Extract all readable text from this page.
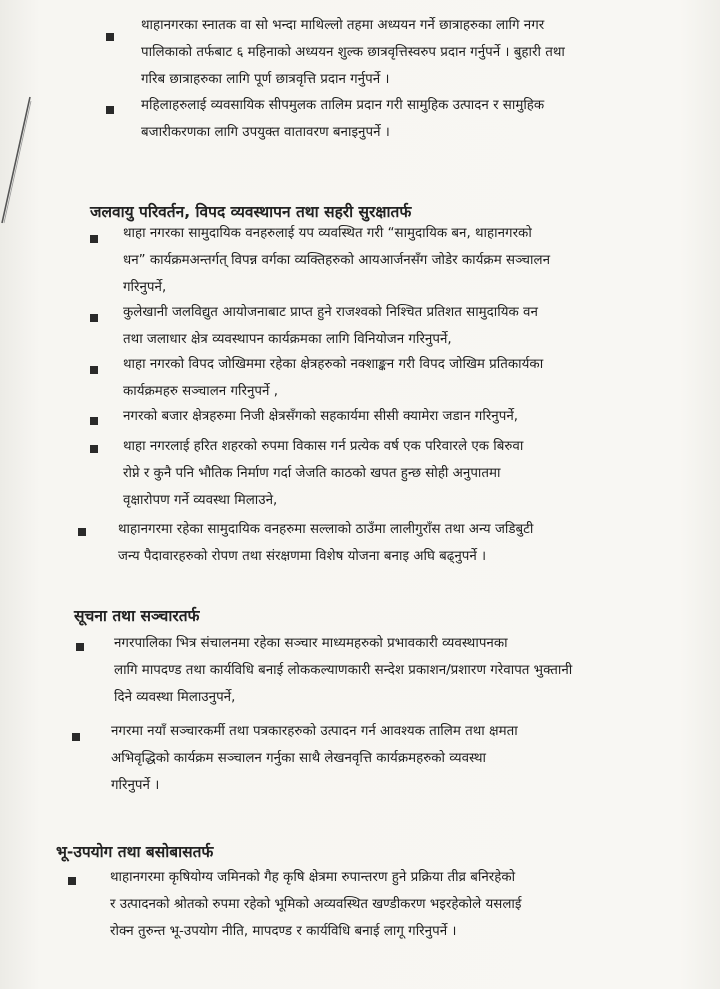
थाहानगरका स्नातक वा सो भन्दा माथिल्लो तहमा अध्ययन गर्ने छात्राहरुका लागि नगर

पालिकाको तर्फबाट ६ महिनाको अध्ययन शुल्क छात्रवृत्तिस्वरुप प्रदान गर्नुपर्ने । बुहारी तथा

गरिब छात्राहरुका लागि पूर्ण छात्रवृत्ति प्रदान गर्नुपर्ने ।

महिलाहरुलाई व्यवसायिक सीपमुलक तालिम प्रदान गरी सामुहिक उत्पादन र सामुहिक

बजारीकरणका लागि उपयुक्त वातावरण बनाइनुपर्ने ।

जलवायु परिवर्तन, विपद व्यवस्थापन तथा सहरी सुरक्षातर्फ

थाहा नगरका सामुदायिक वनहरुलाई यप व्यवस्थित गरी “सामुदायिक बन, थाहानगरको

धन” कार्यक्रमअन्तर्गत् विपन्न वर्गका व्यक्तिहरुको आयआर्जनसँग जोडेर कार्यक्रम सञ्चालन

गरिनुपर्ने,

कुलेखानी जलविद्युत आयोजनाबाट प्राप्त हुने राजश्वको निश्चित प्रतिशत सामुदायिक वन

तथा जलाधार क्षेत्र व्यवस्थापन कार्यक्रमका लागि विनियोजन गरिनुपर्ने,

थाहा नगरको विपद जोखिममा रहेका क्षेत्रहरुको नक्शाङ्कन गरी विपद जोखिम प्रतिकार्यका

कार्यक्रमहरु सञ्चालन गरिनुपर्ने ,

नगरको बजार क्षेत्रहरुमा निजी क्षेत्रसँगको सहकार्यमा सीसी क्यामेरा जडान गरिनुपर्ने,

थाहा नगरलाई हरित शहरको रुपमा विकास गर्न प्रत्येक वर्ष एक परिवारले एक बिरुवा

रोप्ने र कुनै पनि भौतिक निर्माण गर्दा जेजति काठको खपत हुन्छ सोही अनुपातमा

वृक्षारोपण गर्ने व्यवस्था मिलाउने,

थाहानगरमा रहेका सामुदायिक वनहरुमा सल्लाको ठाउँमा लालीगुराँस तथा अन्य जडिबुटी

जन्य पैदावारहरुको रोपण तथा संरक्षणमा विशेष योजना बनाइ अघि बढ्नुपर्ने ।

सूचना तथा सञ्चारतर्फ

नगरपालिका भित्र संचालनमा रहेका सञ्चार माध्यमहरुको प्रभावकारी व्यवस्थापनका

लागि मापदण्ड तथा कार्यविधि बनाई लोककल्याणकारी सन्देश प्रकाशन/प्रशारण गरेवापत भुक्तानी

दिने व्यवस्था मिलाउनुपर्ने,

नगरमा नयाँ सञ्चारकर्मी तथा पत्रकारहरुको उत्पादन गर्न आवश्यक तालिम तथा क्षमता

अभिवृद्धिको कार्यक्रम सञ्चालन गर्नुका साथै लेखनवृत्ति कार्यक्रमहरुको व्यवस्था

गरिनुपर्ने ।

भू-उपयोग तथा बसोबासतर्फ

थाहानगरमा कृषियोग्य जमिनको गैह कृषि क्षेत्रमा रुपान्तरण हुने प्रक्रिया तीव्र बनिरहेको

र उत्पादनको श्रोतको रुपमा रहेको भूमिको अव्यवस्थित खण्डीकरण भइरहेकोले यसलाई

रोक्न तुरुन्त भू-उपयोग नीति, मापदण्ड र कार्यविधि बनाई लागू गरिनुपर्ने ।
